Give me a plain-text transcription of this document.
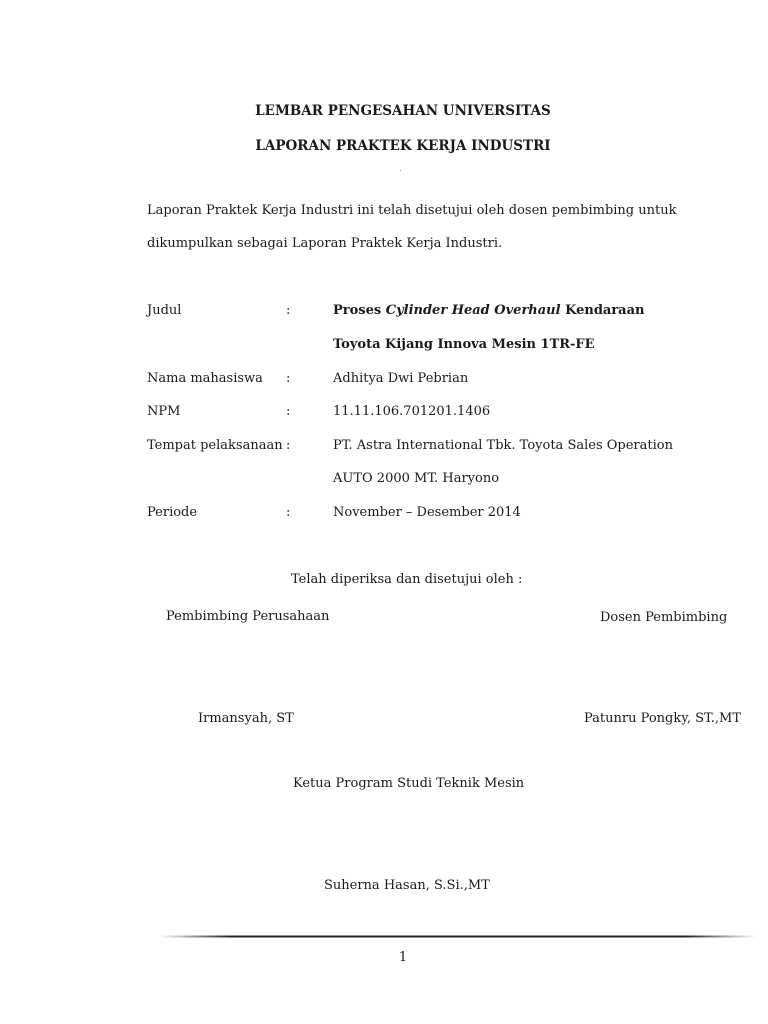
LEMBAR PENGESAHAN UNIVERSITAS
LAPORAN PRAKTEK KERJA INDUSTRI
Laporan Praktek Kerja Industri ini telah disetujui oleh dosen pembimbing untuk
dikumpulkan sebagai Laporan Praktek Kerja Industri.
Judul	:	Proses Cylinder Head Overhaul Kendaraan
Toyota Kijang Innova Mesin 1TR-FE
Nama mahasiswa :	Adhitya Dwi Pebrian
NPM	:	11.11.106.701201.1406
Tempat pelaksanaan :	PT. Astra International Tbk. Toyota Sales Operation
AUTO 2000 MT. Haryono
Periode	:	November – Desember 2014
Telah diperiksa dan disetujui oleh :
Pembimbing Perusahaan	Dosen Pembimbing
Irmansyah, ST	Patunru Pongky, ST.,MT
Ketua Program Studi Teknik Mesin
Suherna Hasan, S.Si.,MT
1
